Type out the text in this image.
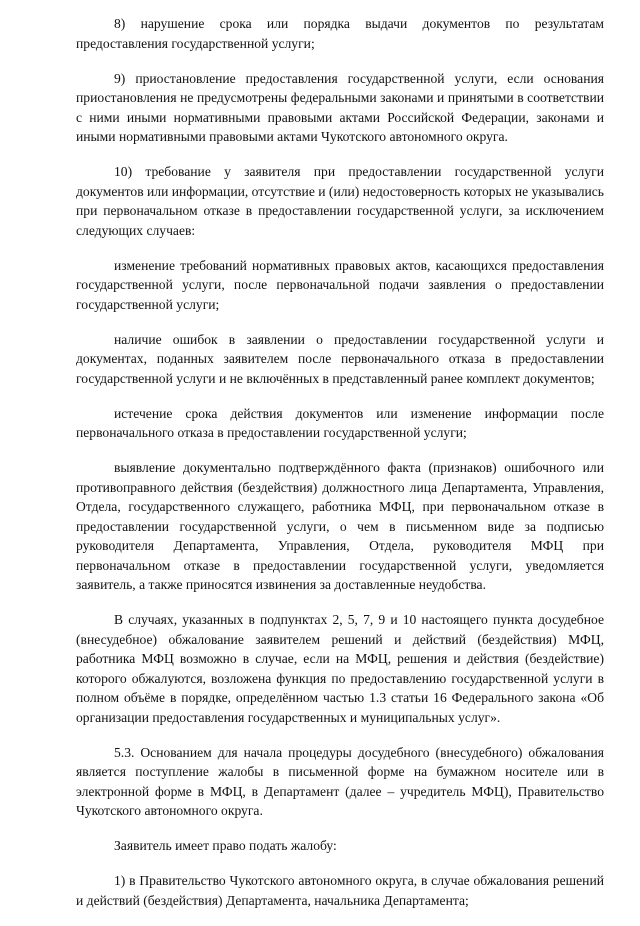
8) нарушение срока или порядка выдачи документов по результатам предоставления государственной услуги;

9) приостановление предоставления государственной услуги, если основания приостановления не предусмотрены федеральными законами и принятыми в соответствии с ними иными нормативными правовыми актами Российской Федерации, законами и иными нормативными правовыми актами Чукотского автономного округа.

10) требование у заявителя при предоставлении государственной услуги документов или информации, отсутствие и (или) недостоверность которых не указывались при первоначальном отказе в предоставлении государственной услуги, за исключением следующих случаев:

изменение требований нормативных правовых актов, касающихся предоставления государственной услуги, после первоначальной подачи заявления о предоставлении государственной услуги;

наличие ошибок в заявлении о предоставлении государственной услуги и документах, поданных заявителем после первоначального отказа в предоставлении государственной услуги и не включённых в представленный ранее комплект документов;

истечение срока действия документов или изменение информации после первоначального отказа в предоставлении государственной услуги;

выявление документально подтверждённого факта (признаков) ошибочного или противоправного действия (бездействия) должностного лица Департамента, Управления, Отдела, государственного служащего, работника МФЦ, при первоначальном отказе в предоставлении государственной услуги, о чем в письменном виде за подписью руководителя Департамента, Управления, Отдела, руководителя МФЦ при первоначальном отказе в предоставлении государственной услуги, уведомляется заявитель, а также приносятся извинения за доставленные неудобства.

В случаях, указанных в подпунктах 2, 5, 7, 9 и 10 настоящего пункта досудебное (внесудебное) обжалование заявителем решений и действий (бездействия) МФЦ, работника МФЦ возможно в случае, если на МФЦ, решения и действия (бездействие) которого обжалуются, возложена функция по предоставлению государственной услуги в полном объёме в порядке, определённом частью 1.3 статьи 16 Федерального закона «Об организации предоставления государственных и муниципальных услуг».

5.3. Основанием для начала процедуры досудебного (внесудебного) обжалования является поступление жалобы в письменной форме на бумажном носителе или в электронной форме в МФЦ, в Департамент (далее – учредитель МФЦ), Правительство Чукотского автономного округа.

Заявитель имеет право подать жалобу:

1) в Правительство Чукотского автономного округа, в случае обжалования решений и действий (бездействия) Департамента, начальника Департамента;
